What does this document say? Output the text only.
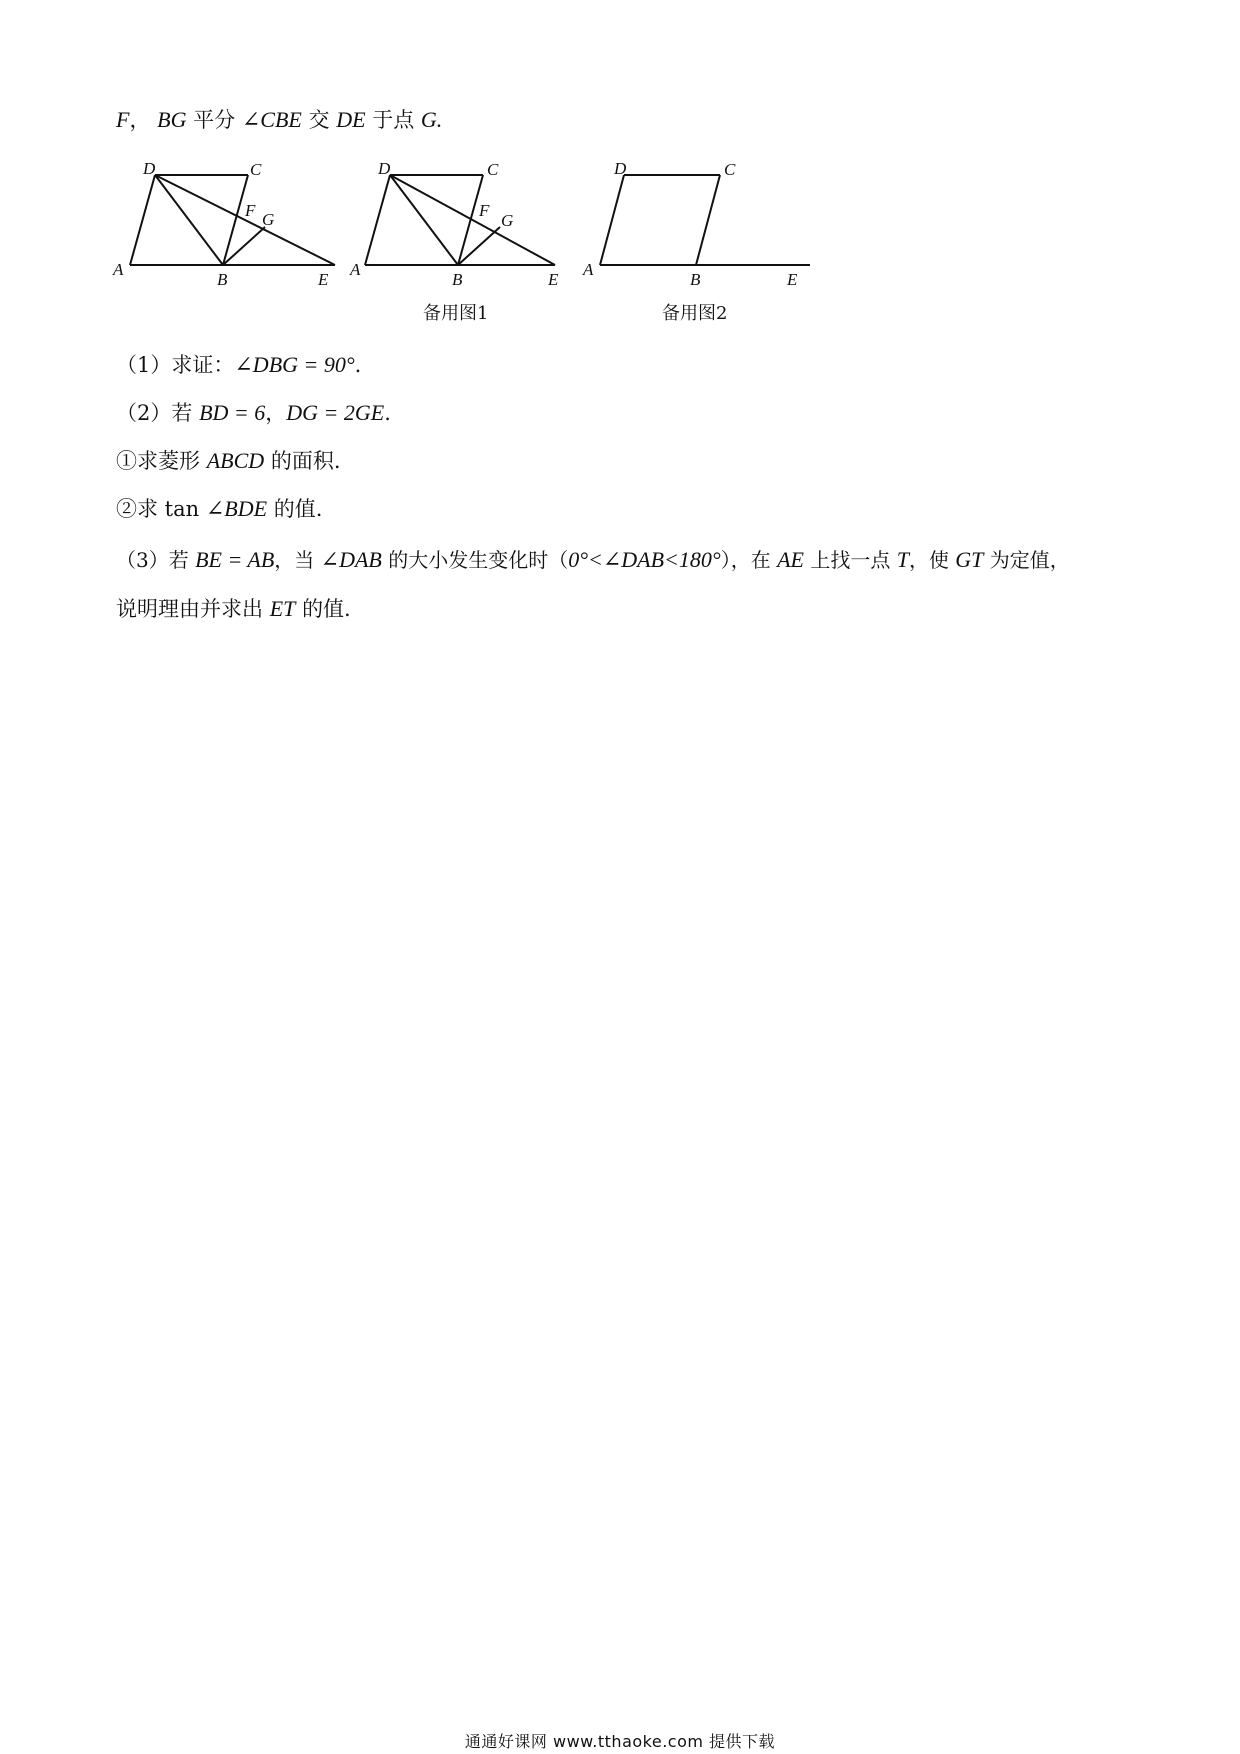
F， BG 平分 ∠CBE 交 DE 于点 G.
A
B
C
D
E
F G
A
B
C
D
E
F
G
A
B
C
D
E
备用图1	备用图2
（1）求证：∠DBG = 90°.
（2）若 BD = 6，DG = 2GE.
①求菱形 ABCD 的面积.
②求 tan ∠BDE 的值.
（3）若 BE = AB，当 ∠DAB 的大小发生变化时（0°<∠DAB<180°），在 AE 上找一点 T，使 GT 为定值，
说明理由并求出 ET 的值.
通通好课网 www.tthaoke.com 提供下载
